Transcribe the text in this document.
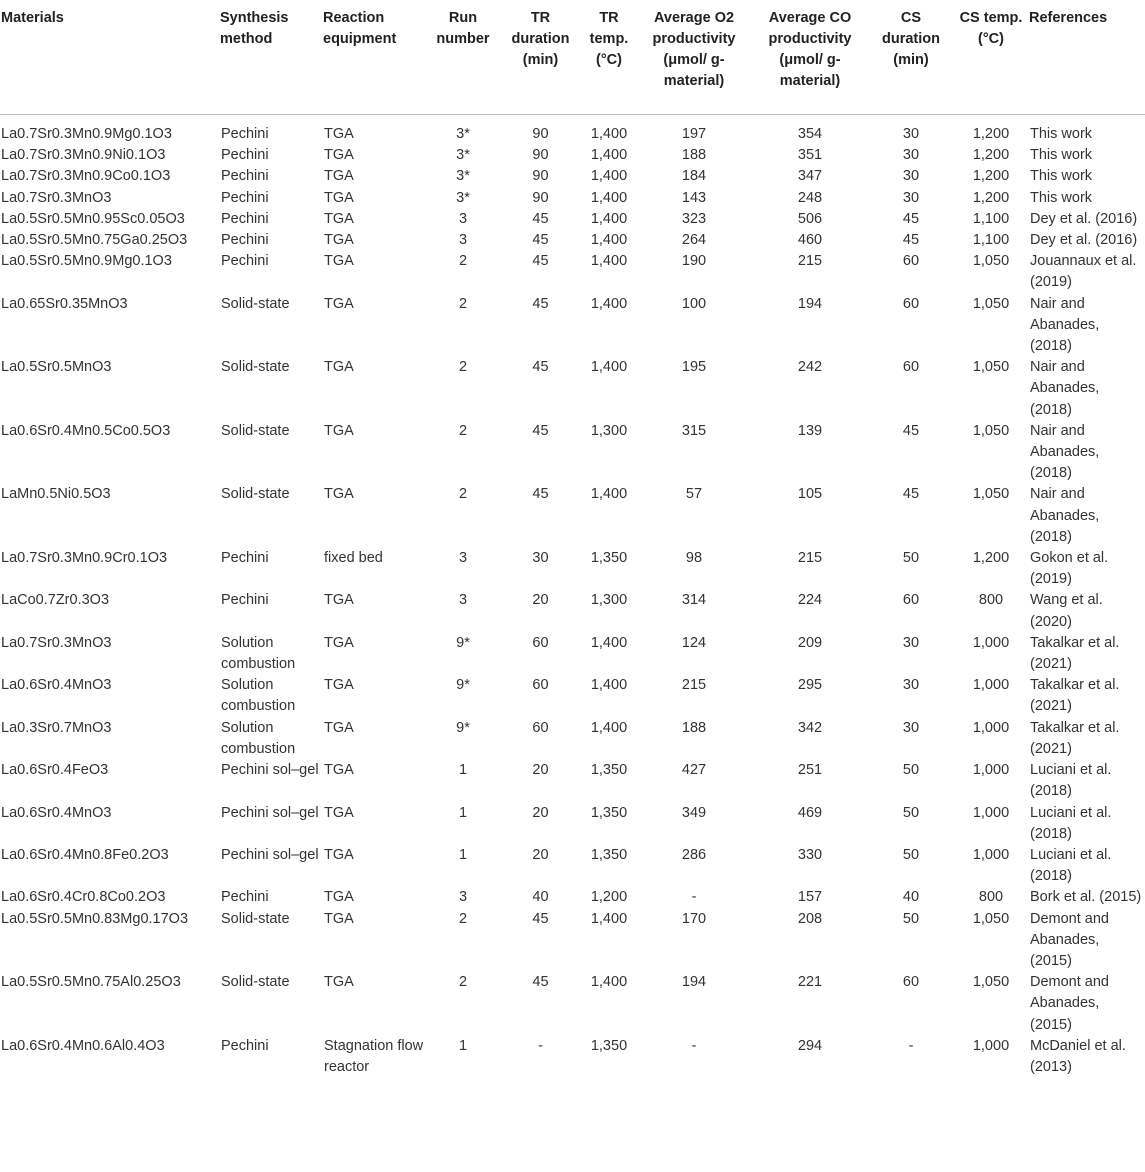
Materials	Synthesis method	Reaction equipment	Run number	TR duration (min)	TR temp. (°C)	Average O2 productivity (μmol/ g-material)	Average CO productivity (μmol/ g-material)	CS duration (min)	CS temp. (°C)	References
La0.7Sr0.3Mn0.9Mg0.1O3	Pechini	TGA	3*	90	1,400	197	354	30	1,200	This work
La0.7Sr0.3Mn0.9Ni0.1O3	Pechini	TGA	3*	90	1,400	188	351	30	1,200	This work
La0.7Sr0.3Mn0.9Co0.1O3	Pechini	TGA	3*	90	1,400	184	347	30	1,200	This work
La0.7Sr0.3MnO3	Pechini	TGA	3*	90	1,400	143	248	30	1,200	This work
La0.5Sr0.5Mn0.95Sc0.05O3	Pechini	TGA	3	45	1,400	323	506	45	1,100	Dey et al. (2016)
La0.5Sr0.5Mn0.75Ga0.25O3	Pechini	TGA	3	45	1,400	264	460	45	1,100	Dey et al. (2016)
La0.5Sr0.5Mn0.9Mg0.1O3	Pechini	TGA	2	45	1,400	190	215	60	1,050	Jouannaux et al. (2019)
La0.65Sr0.35MnO3	Solid-state	TGA	2	45	1,400	100	194	60	1,050	Nair and Abanades, (2018)
La0.5Sr0.5MnO3	Solid-state	TGA	2	45	1,400	195	242	60	1,050	Nair and Abanades, (2018)
La0.6Sr0.4Mn0.5Co0.5O3	Solid-state	TGA	2	45	1,300	315	139	45	1,050	Nair and Abanades, (2018)
LaMn0.5Ni0.5O3	Solid-state	TGA	2	45	1,400	57	105	45	1,050	Nair and Abanades, (2018)
La0.7Sr0.3Mn0.9Cr0.1O3	Pechini	fixed bed	3	30	1,350	98	215	50	1,200	Gokon et al. (2019)
LaCo0.7Zr0.3O3	Pechini	TGA	3	20	1,300	314	224	60	800	Wang et al. (2020)
La0.7Sr0.3MnO3	Solution combustion	TGA	9*	60	1,400	124	209	30	1,000	Takalkar et al. (2021)
La0.6Sr0.4MnO3	Solution combustion	TGA	9*	60	1,400	215	295	30	1,000	Takalkar et al. (2021)
La0.3Sr0.7MnO3	Solution combustion	TGA	9*	60	1,400	188	342	30	1,000	Takalkar et al. (2021)
La0.6Sr0.4FeO3	Pechini sol–gel	TGA	1	20	1,350	427	251	50	1,000	Luciani et al. (2018)
La0.6Sr0.4MnO3	Pechini sol–gel	TGA	1	20	1,350	349	469	50	1,000	Luciani et al. (2018)
La0.6Sr0.4Mn0.8Fe0.2O3	Pechini sol–gel	TGA	1	20	1,350	286	330	50	1,000	Luciani et al. (2018)
La0.6Sr0.4Cr0.8Co0.2O3	Pechini	TGA	3	40	1,200	-	157	40	800	Bork et al. (2015)
La0.5Sr0.5Mn0.83Mg0.17O3	Solid-state	TGA	2	45	1,400	170	208	50	1,050	Demont and Abanades, (2015)
La0.5Sr0.5Mn0.75Al0.25O3	Solid-state	TGA	2	45	1,400	194	221	60	1,050	Demont and Abanades, (2015)
La0.6Sr0.4Mn0.6Al0.4O3	Pechini	Stagnation flow reactor	1	-	1,350	-	294	-	1,000	McDaniel et al. (2013)
